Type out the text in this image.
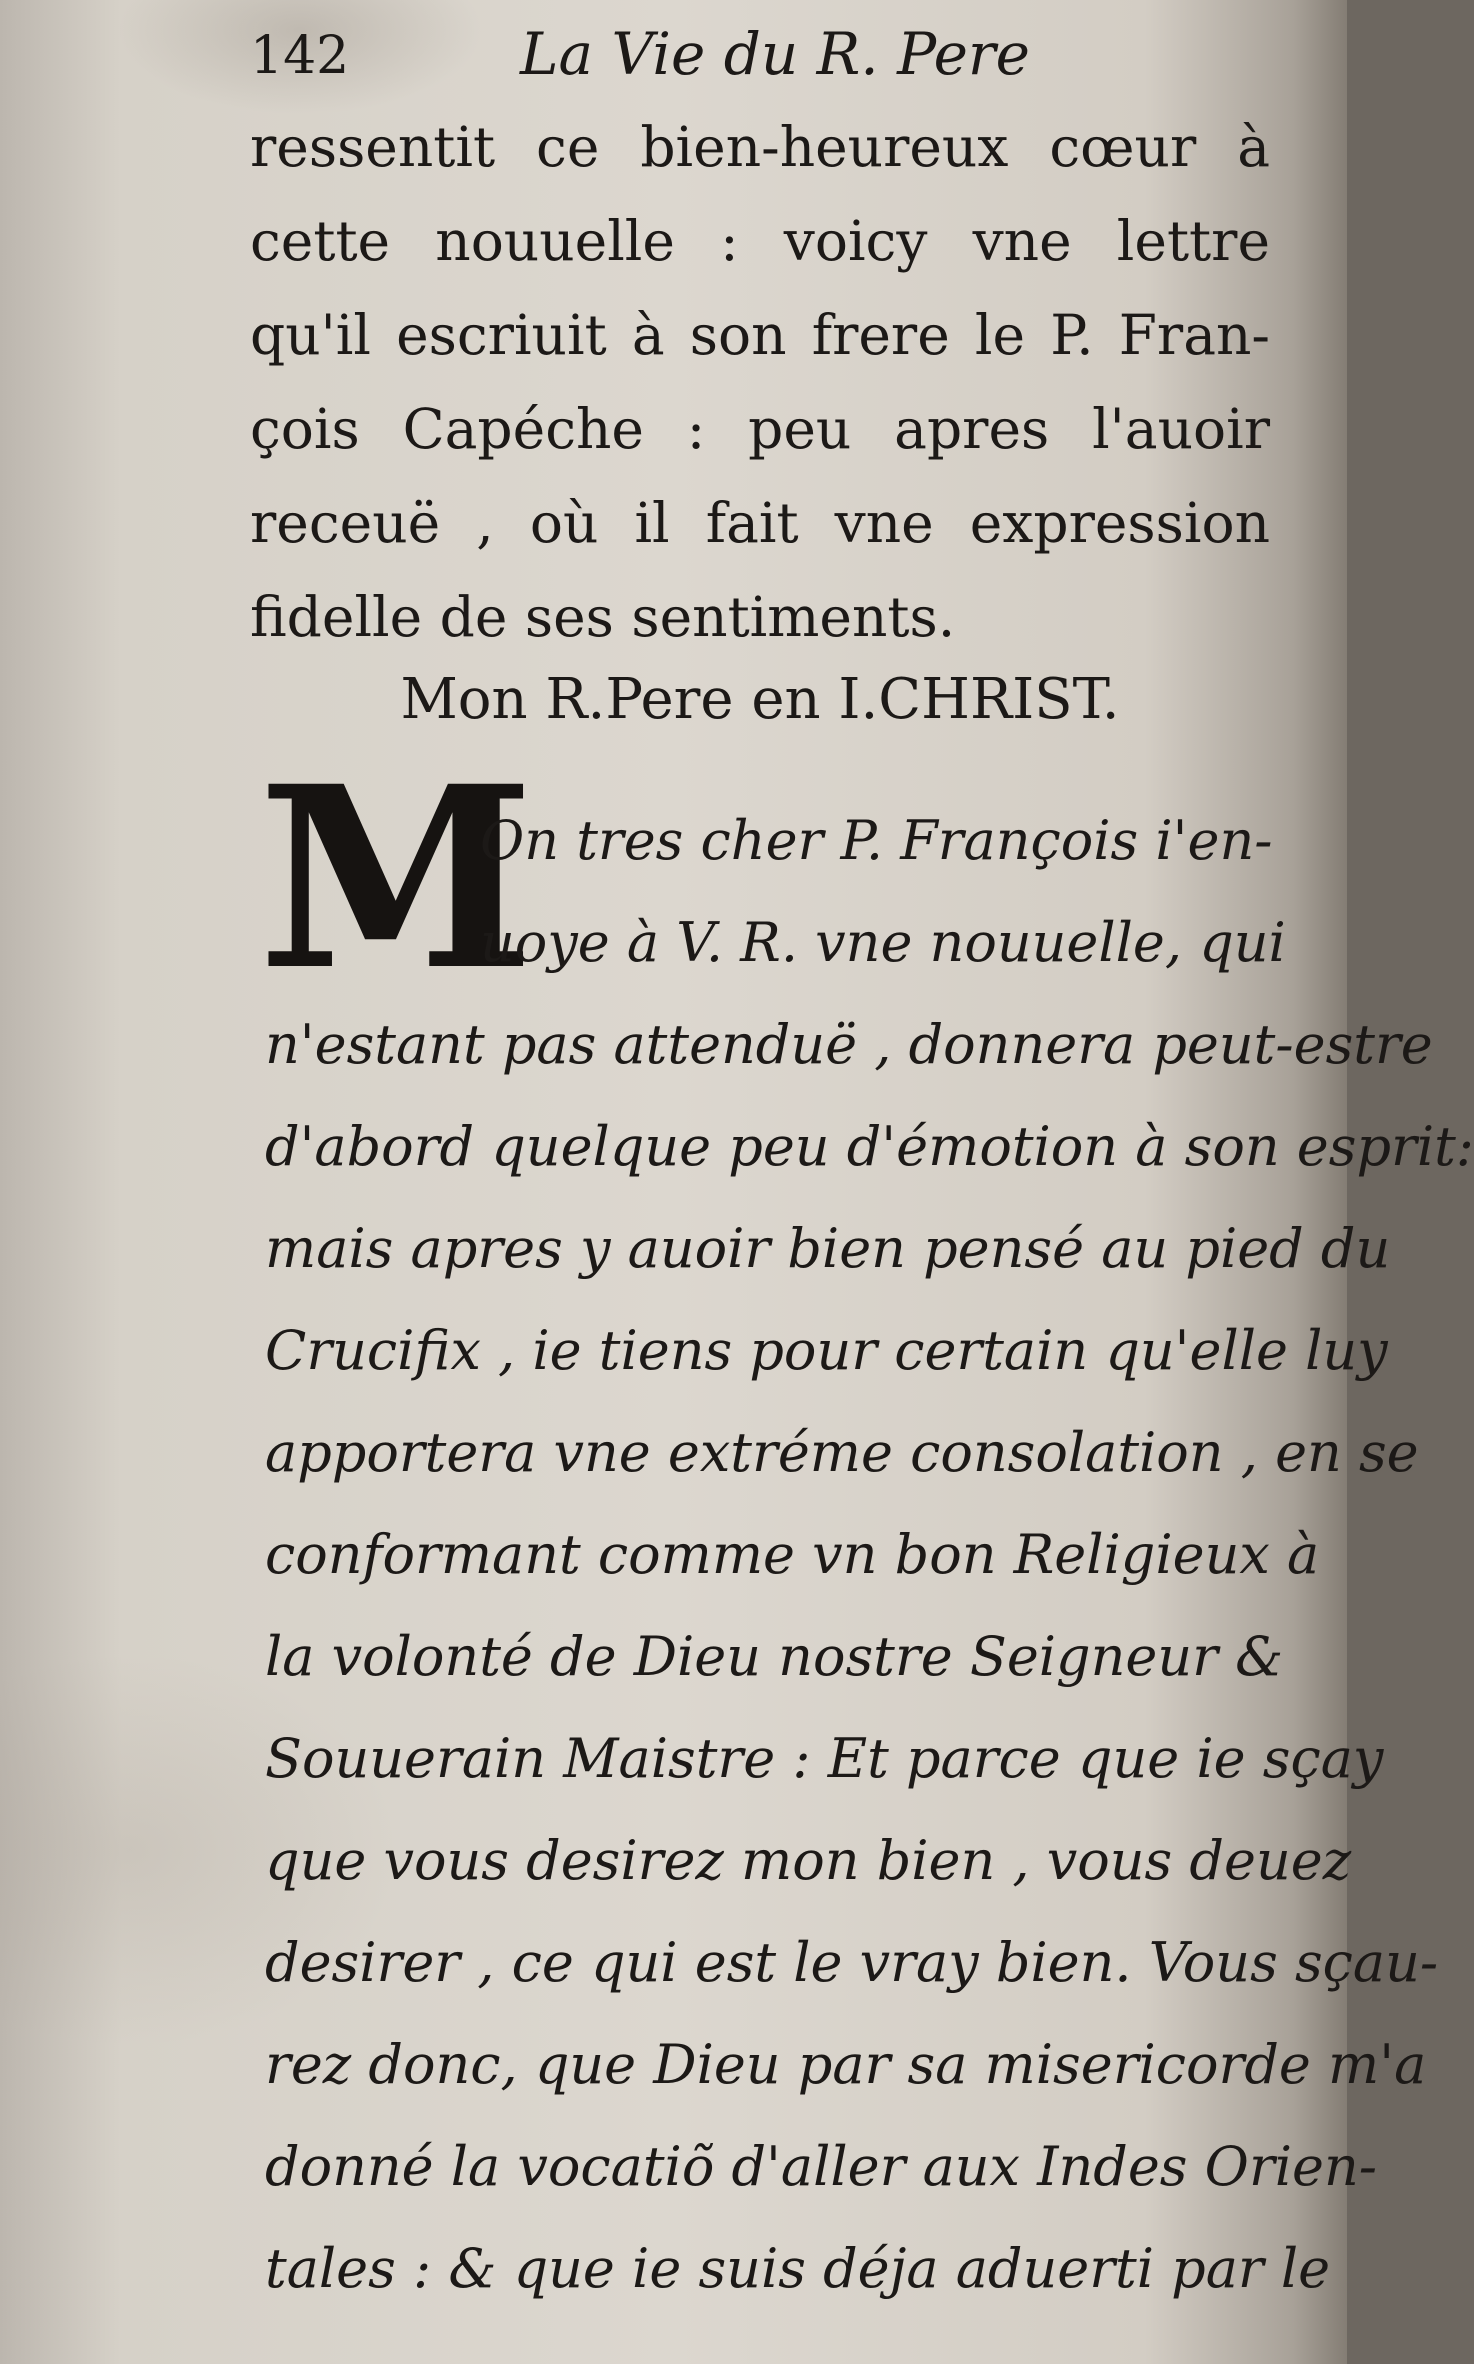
142	La Vie du R. Pere
ressentit ce bien-heureux cœur à
cette nouuelle : voicy vne lettre
qu'il escriuit à son frere le P. Fran-
çois Capéche : peu apres l'auoir
receuë , où il fait vne expression
fidelle de ses sentiments.
Mon R.Pere en I.CHRIST.
M
On tres cher P. François i'en-
uoye à V. R. vne nouuelle, qui
n'estant pas attenduë , donnera peut-estre
d'abord quelque peu d'émotion à son esprit:
mais apres y auoir bien pensé au pied du
Crucifix , ie tiens pour certain qu'elle luy
apportera vne extréme consolation , en se
conformant comme vn bon Religieux à
la volonté de Dieu nostre Seigneur &
Souuerain Maistre : Et parce que ie sçay
que vous desirez mon bien , vous deuez
desirer , ce qui est le vray bien. Vous sçau-
rez donc, que Dieu par sa misericorde m'a
donné la vocatiõ d'aller aux Indes Orien-
tales : & que ie suis déja aduerti par le
